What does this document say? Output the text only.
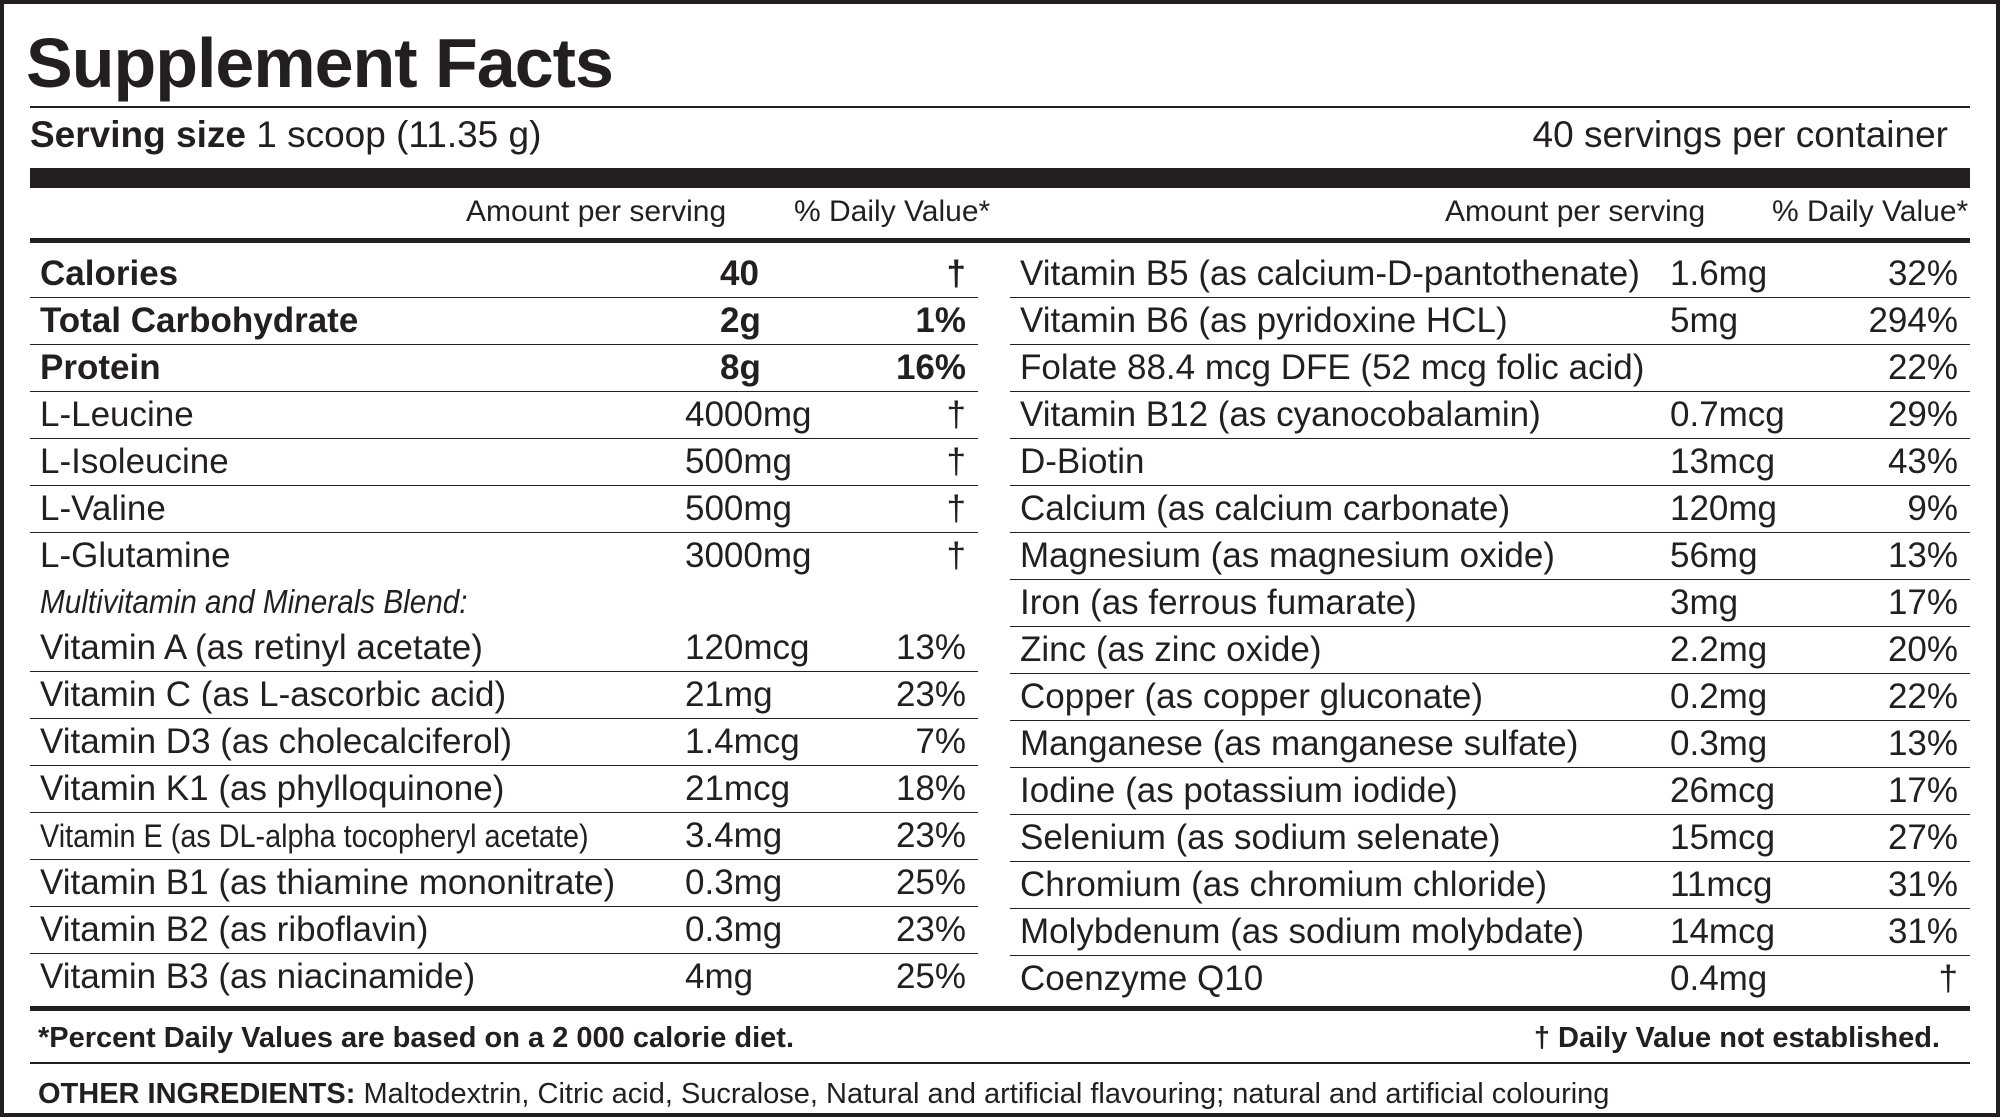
Supplement Facts
Serving size 1 scoop (11.35 g)	40 servings per container
Amount per serving % Daily Value*	Amount per serving % Daily Value*
Calories	40	†
Total Carbohydrate	2g	1%
Protein	8g	16%
L-Leucine	4000mg	†
L-Isoleucine	500mg	†
L-Valine	500mg	†
L-Glutamine	3000mg	†
Multivitamin and Minerals Blend:
Vitamin A (as retinyl acetate)	120mcg 13%
Vitamin C (as L-ascorbic acid)	21mg	23%
Vitamin D3 (as cholecalciferol)	1.4mcg	7%
Vitamin K1 (as phylloquinone)	21mcg	18%
Vitamin E (as DL-alpha tocopheryl acetate)	3.4mg	23%
Vitamin B1 (as thiamine mononitrate) 0.3mg	25%
Vitamin B2 (as riboflavin)	0.3mg	23%
Vitamin B3 (as niacinamide)	4mg	25%
Vitamin B5 (as calcium-D-pantothenate) 1.6mg	32%
Vitamin B6 (as pyridoxine HCL)	5mg	294%
Folate 88.4 mcg DFE (52 mcg folic acid)	22%
Vitamin B12 (as cyanocobalamin)	0.7mcg	29%
D-Biotin	13mcg	43%
Calcium (as calcium carbonate)	120mg	9%
Magnesium (as magnesium oxide)	56mg	13%
Iron (as ferrous fumarate)	3mg	17%
Zinc (as zinc oxide)	2.2mg	20%
Copper (as copper gluconate)	0.2mg	22%
Manganese (as manganese sulfate)	0.3mg	13%
Iodine (as potassium iodide)	26mcg	17%
Selenium (as sodium selenate)	15mcg	27%
Chromium (as chromium chloride)	11mcg	31%
Molybdenum (as sodium molybdate) 14mcg	31%
Coenzyme Q10	0.4mg	†
*Percent Daily Values are based on a 2 000 calorie diet.	† Daily Value not established.
OTHER INGREDIENTS: Maltodextrin, Citric acid, Sucralose, Natural and artificial flavouring; natural and artificial colouring
